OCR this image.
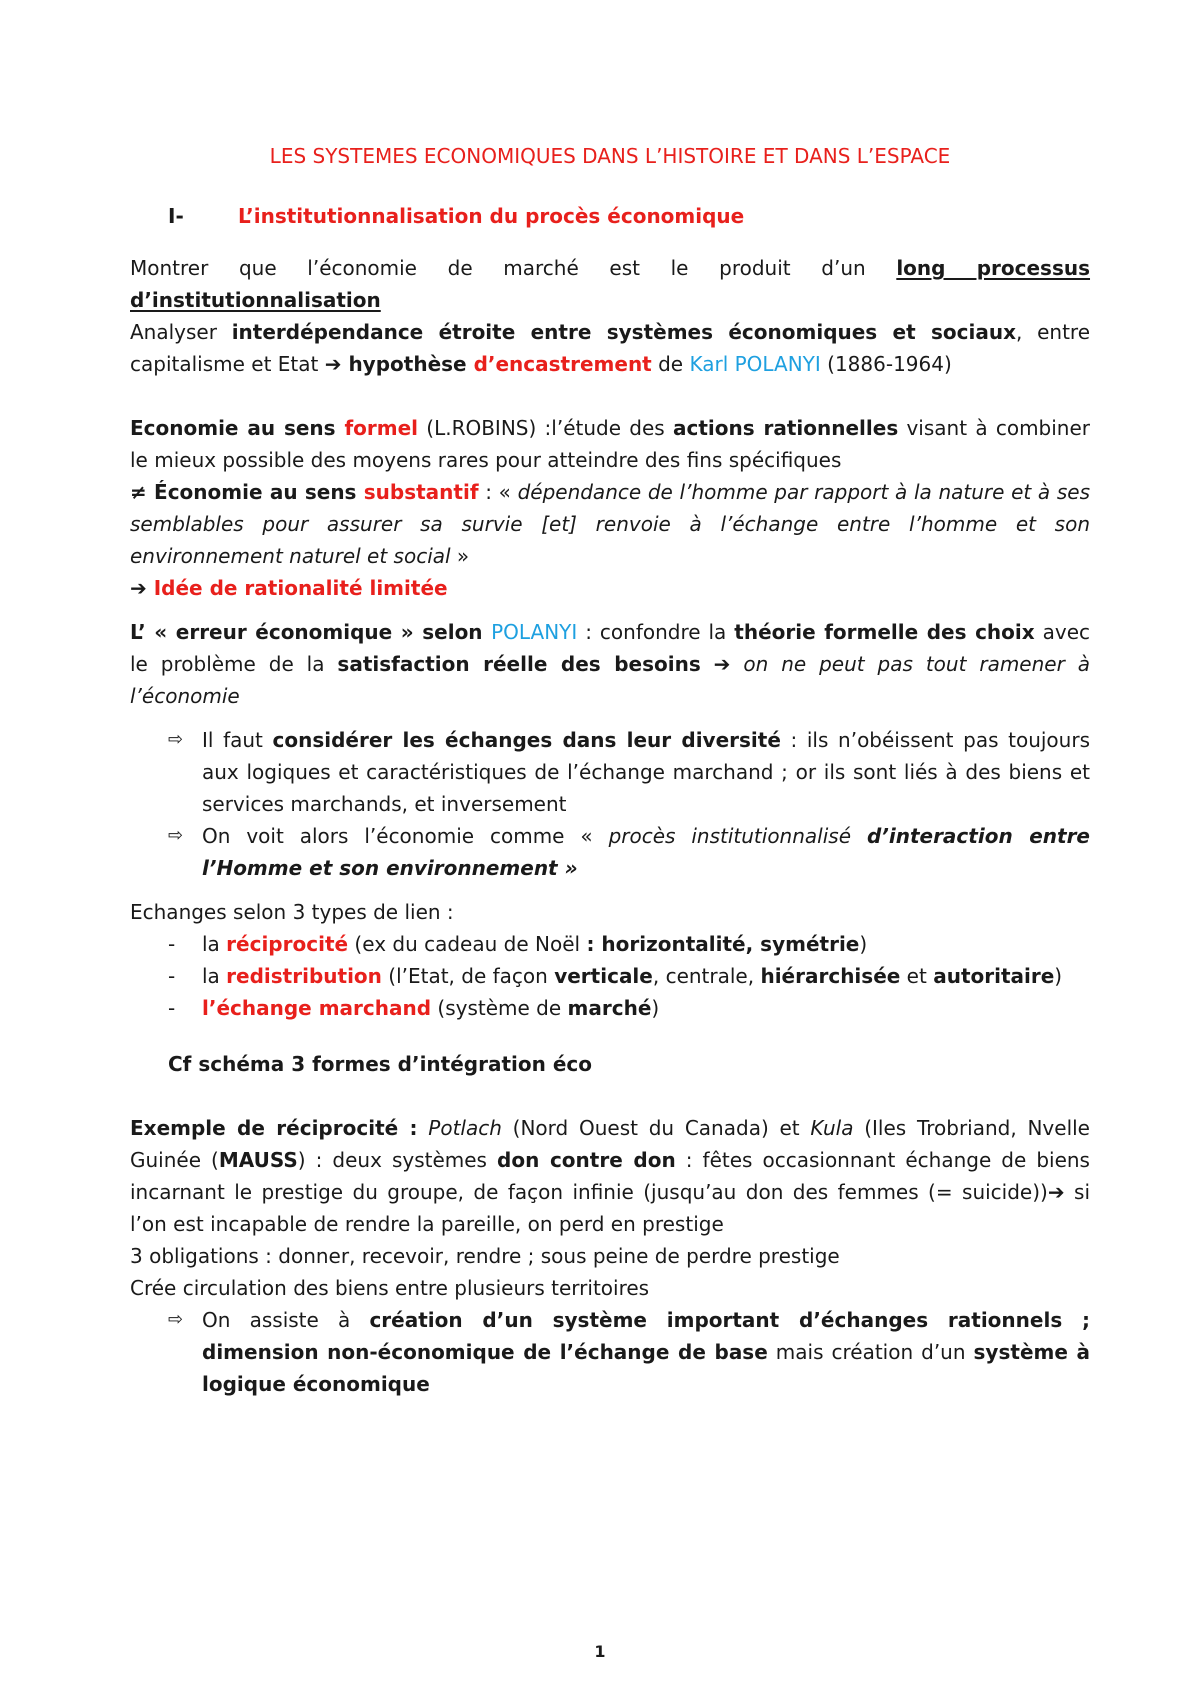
LES SYSTEMES ECONOMIQUES DANS L’HISTOIRE ET DANS L’ESPACE
I-	L’institutionnalisation du procès économique

Montrer que l’économie de marché est le produit d’un long processus d’institutionnalisation

Analyser interdépendance étroite entre systèmes économiques et sociaux, entre capitalisme et Etat ➔ hypothèse d’encastrement de Karl POLANYI (1886-1964)

Economie au sens formel (L.ROBINS) :l’étude des actions rationnelles visant à combiner le mieux possible des moyens rares pour atteindre des fins spécifiques

≠ Économie au sens substantif : « dépendance de l’homme par rapport à la nature et à ses semblables pour assurer sa survie [et] renvoie à l’échange entre l’homme et son environnement naturel et social »

➔ Idée de rationalité limitée

L’ « erreur économique » selon POLANYI : confondre la théorie formelle des choix avec le problème de la satisfaction réelle des besoins ➔ on ne peut pas tout ramener à l’économie

⇨ Il faut considérer les échanges dans leur diversité : ils n’obéissent pas toujours aux logiques et caractéristiques de l’échange marchand ; or ils sont liés à des biens et services marchands, et inversement
⇨ On voit alors l’économie comme « procès institutionnalisé d’interaction entre l’Homme et son environnement »

Echanges selon 3 types de lien :

- la réciprocité (ex du cadeau de Noël : horizontalité, symétrie)
- la redistribution (l’Etat, de façon verticale, centrale, hiérarchisée et autoritaire)
- l’échange marchand (système de marché)

Cf schéma 3 formes d’intégration éco

Exemple de réciprocité : Potlach (Nord Ouest du Canada) et Kula (Iles Trobriand, Nvelle Guinée (MAUSS) : deux systèmes don contre don : fêtes occasionnant échange de biens incarnant le prestige du groupe, de façon infinie (jusqu’au don des femmes (= suicide))➔ si l’on est incapable de rendre la pareille, on perd en prestige

3 obligations : donner, recevoir, rendre ; sous peine de perdre prestige

Crée circulation des biens entre plusieurs territoires

⇨ On assiste à création d’un système important d’échanges rationnels ; dimension non-économique de l’échange de base mais création d’un système à logique économique
1
